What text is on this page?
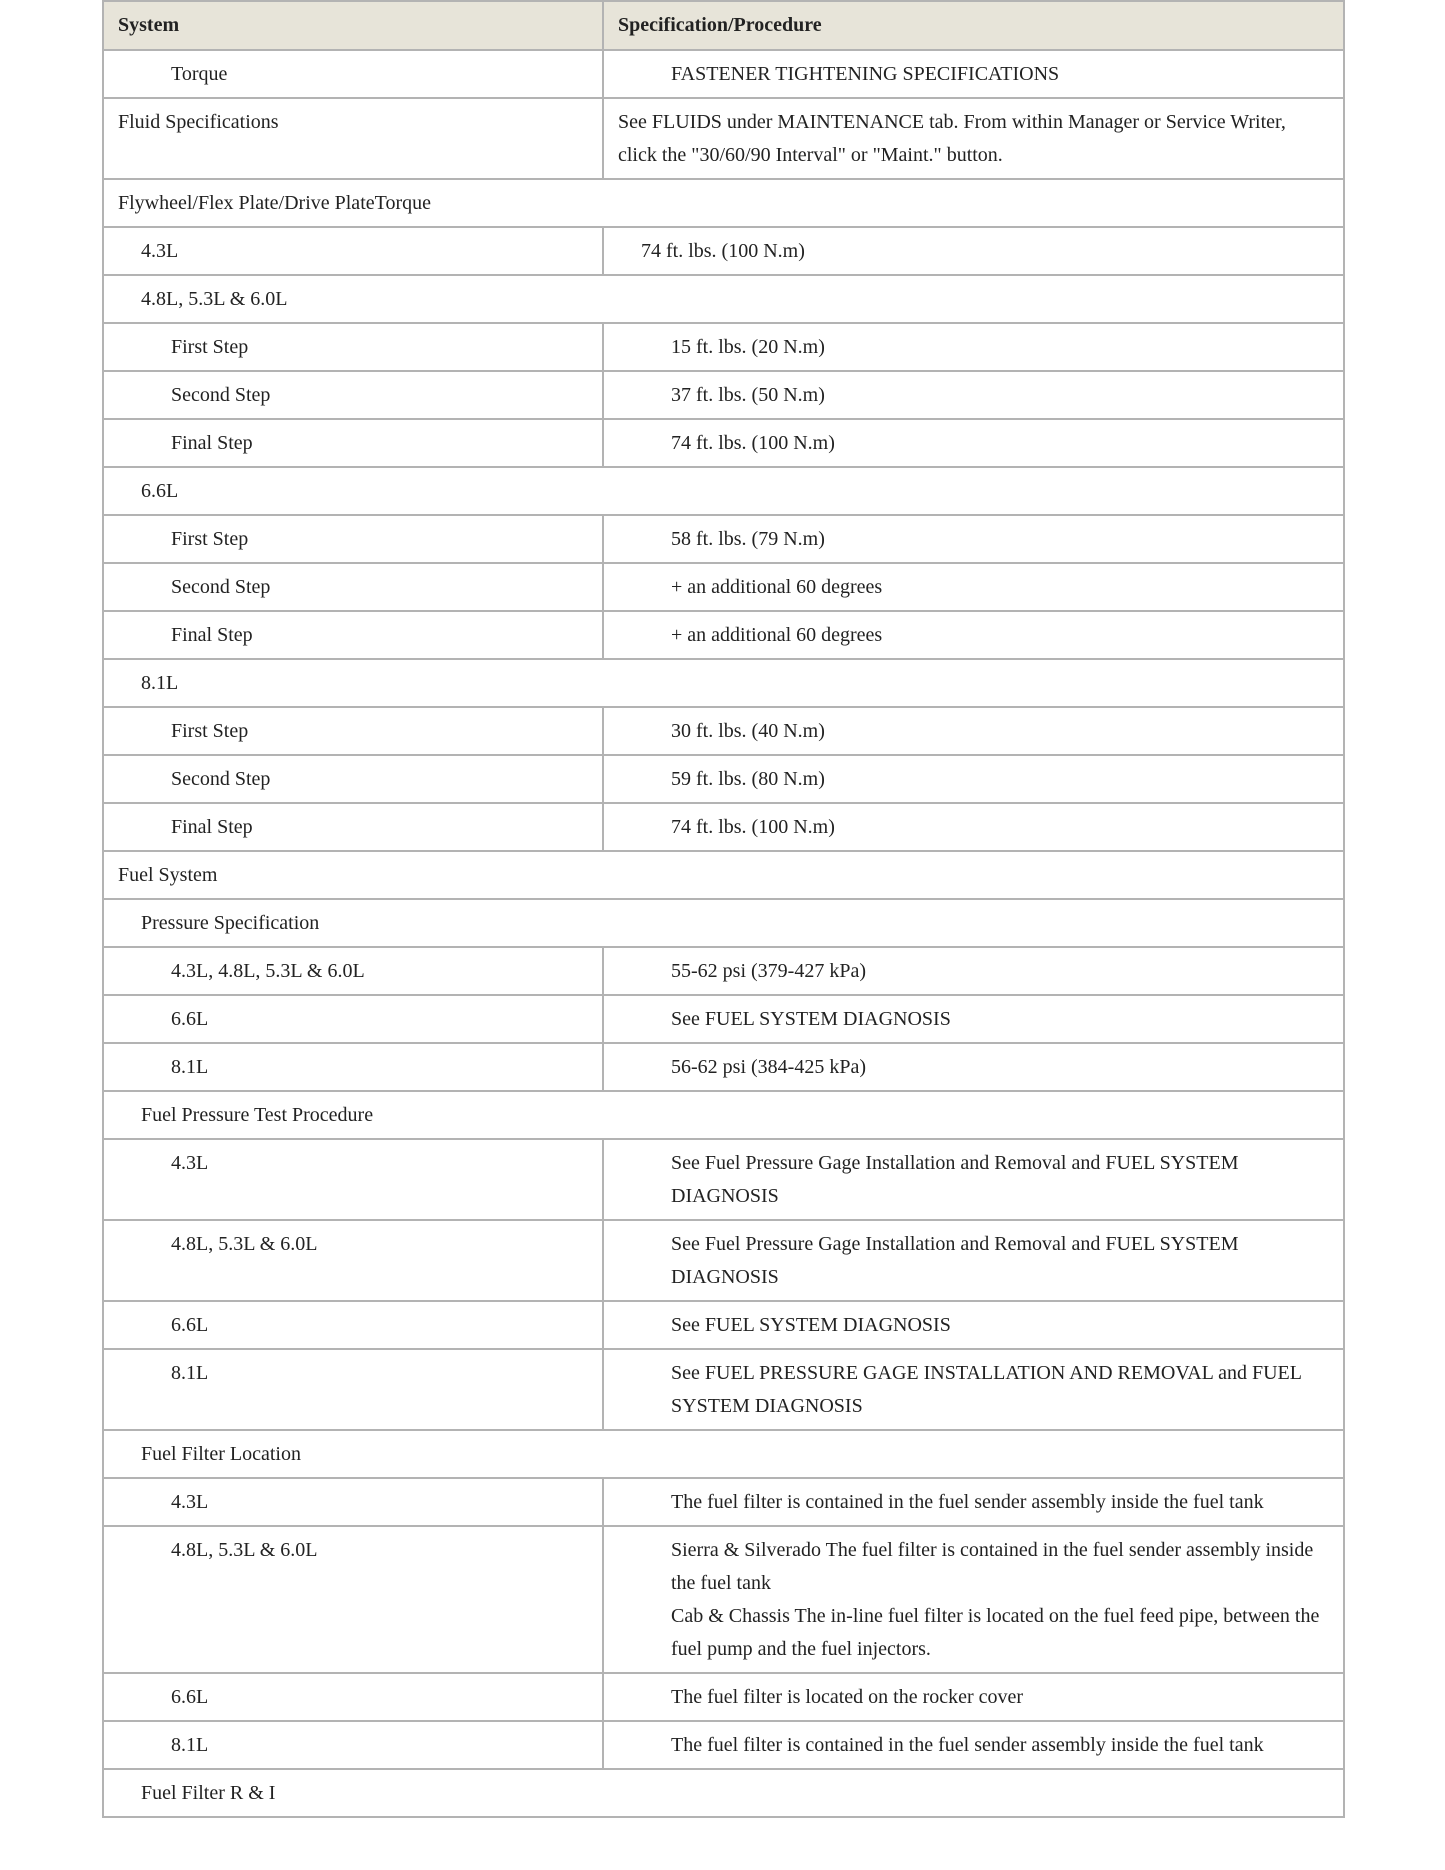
System	Specification/Procedure
Torque	FASTENER TIGHTENING SPECIFICATIONS

Fluid Specifications	See FLUIDS under MAINTENANCE tab. From within Manager or Service Writer, click the "30/60/90 Interval" or "Maint." button.

Flywheel/Flex Plate/Drive PlateTorque	
4.3L	74 ft. lbs. (100 N.m)

4.8L, 5.3L & 6.0L	
First Step	15 ft. lbs. (20 N.m)

Second Step	37 ft. lbs. (50 N.m)

Final Step	74 ft. lbs. (100 N.m)

6.6L	
First Step	58 ft. lbs. (79 N.m)

Second Step	+ an additional 60 degrees

Final Step	+ an additional 60 degrees

8.1L	
First Step	30 ft. lbs. (40 N.m)

Second Step	59 ft. lbs. (80 N.m)

Final Step	74 ft. lbs. (100 N.m)

Fuel System	
Pressure Specification	
4.3L, 4.8L, 5.3L & 6.0L	55-62 psi (379-427 kPa)

6.6L	See FUEL SYSTEM DIAGNOSIS

8.1L	56-62 psi (384-425 kPa)

Fuel Pressure Test Procedure	
4.3L	See Fuel Pressure Gage Installation and Removal and FUEL SYSTEM DIAGNOSIS

4.8L, 5.3L & 6.0L	See Fuel Pressure Gage Installation and Removal and FUEL SYSTEM DIAGNOSIS

6.6L	See FUEL SYSTEM DIAGNOSIS

8.1L	See FUEL PRESSURE GAGE INSTALLATION AND REMOVAL and FUEL SYSTEM DIAGNOSIS

Fuel Filter Location	
4.3L	The fuel filter is contained in the fuel sender assembly inside the fuel tank

4.8L, 5.3L & 6.0L	Sierra & Silverado The fuel filter is contained in the fuel sender assembly inside the fuel tank
Cab & Chassis The in-line fuel filter is located on the fuel feed pipe, between the fuel pump and the fuel injectors.

6.6L	The fuel filter is located on the rocker cover

8.1L	The fuel filter is contained in the fuel sender assembly inside the fuel tank

Fuel Filter R & I	
